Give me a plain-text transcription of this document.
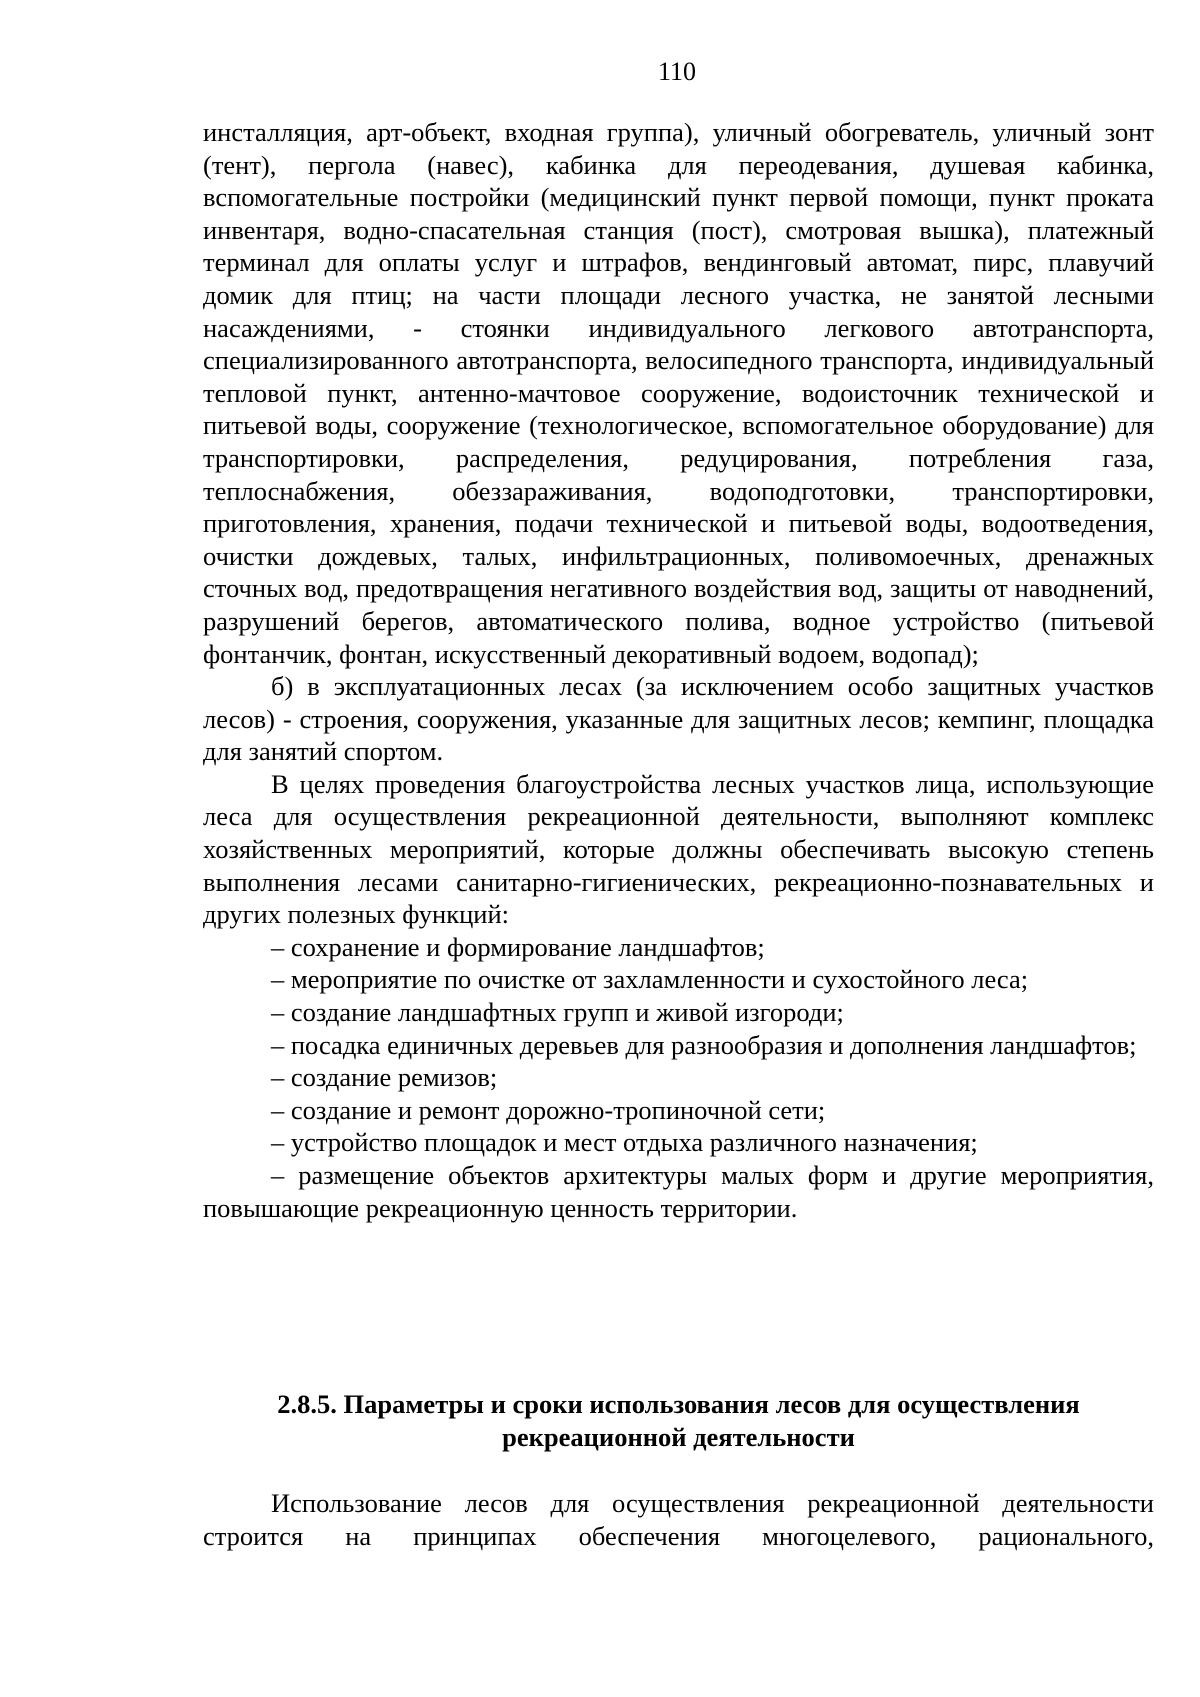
110

инсталляция, арт-объект, входная группа), уличный обогреватель, уличный зонт (тент), пергола (навес), кабинка для переодевания, душевая кабинка, вспомогательные постройки (медицинский пункт первой помощи, пункт проката инвентаря, водно-спасательная станция (пост), смотровая вышка), платежный терминал для оплаты услуг и штрафов, вендинговый автомат, пирс, плавучий домик для птиц; на части площади лесного участка, не занятой лесными насаждениями, - стоянки индивидуального легкового автотранспорта, специализированного автотранспорта, велосипедного транспорта, индивидуальный тепловой пункт, антенно-мачтовое сооружение, водоисточник технической и питьевой воды, сооружение (технологическое, вспомогательное оборудование) для транспортировки, распределения, редуцирования, потребления газа, теплоснабжения, обеззараживания, водоподготовки, транспортировки, приготовления, хранения, подачи технической и питьевой воды, водоотведения, очистки дождевых, талых, инфильтрационных, поливомоечных, дренажных сточных вод, предотвращения негативного воздействия вод, защиты от наводнений, разрушений берегов, автоматического полива, водное устройство (питьевой фонтанчик, фонтан, искусственный декоративный водоем, водопад);

б) в эксплуатационных лесах (за исключением особо защитных участков лесов) - строения, сооружения, указанные для защитных лесов; кемпинг, площадка для занятий спортом.

В целях проведения благоустройства лесных участков лица, использующие леса для осуществления рекреационной деятельности, выполняют комплекс хозяйственных мероприятий, которые должны обеспечивать высокую степень выполнения лесами санитарно-гигиенических, рекреационно-познавательных и других полезных функций:

– сохранение и формирование ландшафтов;

– мероприятие по очистке от захламленности и сухостойного леса;

– создание ландшафтных групп и живой изгороди;

– посадка единичных деревьев для разнообразия и дополнения ландшафтов;

– создание ремизов;

– создание и ремонт дорожно-тропиночной сети;

– устройство площадок и мест отдыха различного назначения;

– размещение объектов архитектуры малых форм и другие мероприятия, повышающие рекреационную ценность территории.

2.8.5. Параметры и сроки использования лесов для осуществления
рекреационной деятельности

Использование лесов для осуществления рекреационной деятельности строится на принципах обеспечения многоцелевого, рационального,
